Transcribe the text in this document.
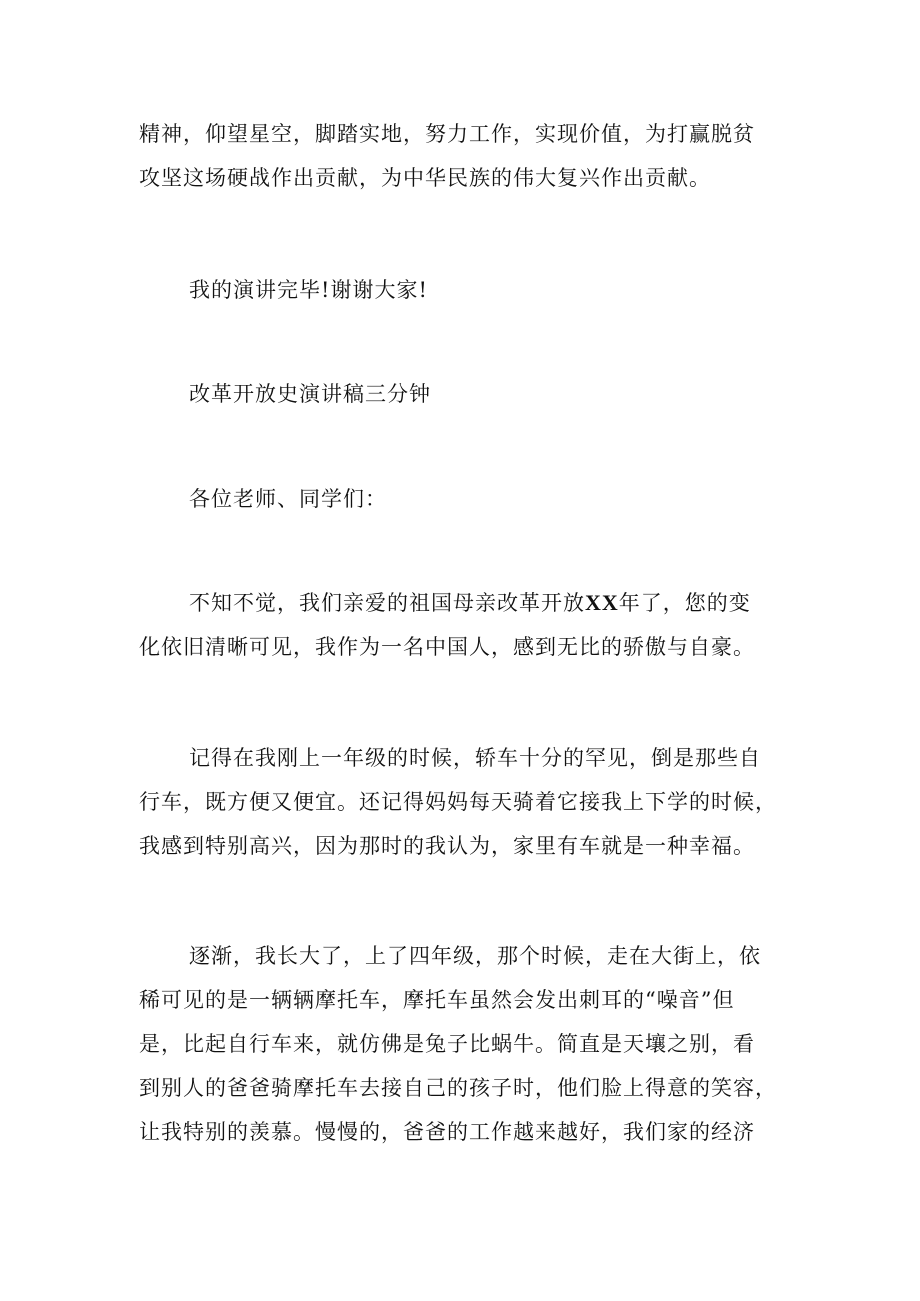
精神，仰望星空，脚踏实地，努力工作，实现价值，为打赢脱贫
攻坚这场硬战作出贡献，为中华民族的伟大复兴作出贡献。
我的演讲完毕!谢谢大家!
改革开放史演讲稿三分钟
各位老师、同学们：
不知不觉，我们亲爱的祖国母亲改革开放XX年了，您的变
化依旧清晰可见，我作为一名中国人，感到无比的骄傲与自豪。
记得在我刚上一年级的时候，轿车十分的罕见，倒是那些自
行车，既方便又便宜。还记得妈妈每天骑着它接我上下学的时候，
我感到特别高兴，因为那时的我认为，家里有车就是一种幸福。
逐渐，我长大了，上了四年级，那个时候，走在大街上，依
稀可见的是一辆辆摩托车，摩托车虽然会发出刺耳的“噪音”但
是，比起自行车来，就仿佛是兔子比蜗牛。简直是天壤之别，看
到别人的爸爸骑摩托车去接自己的孩子时，他们脸上得意的笑容，
让我特别的羡慕。慢慢的，爸爸的工作越来越好，我们家的经济
